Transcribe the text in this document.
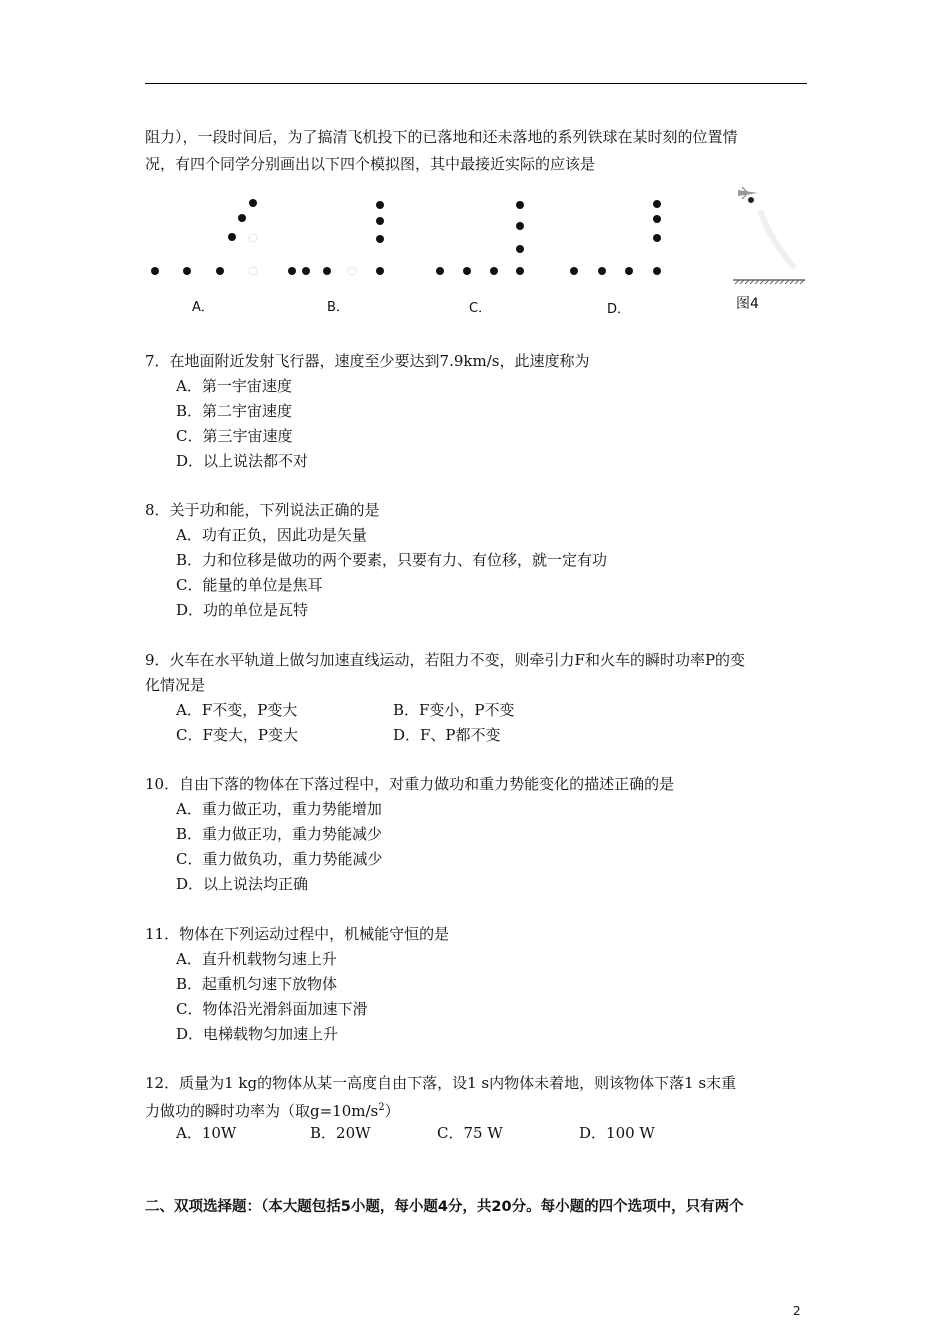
阻力），一段时间后，为了搞清飞机投下的已落地和还未落地的系列铁球在某时刻的位置情
况，有四个同学分别画出以下四个模拟图，其中最接近实际的应该是
A．	B．	C．	D．	图4
7．在地面附近发射飞行器，速度至少要达到7.9km/s，此速度称为
A．第一宇宙速度
B．第二宇宙速度
C．第三宇宙速度
D．以上说法都不对
8．关于功和能，下列说法正确的是
A．功有正负，因此功是矢量
B．力和位移是做功的两个要素，只要有力、有位移，就一定有功
C．能量的单位是焦耳
D．功的单位是瓦特
9．火车在水平轨道上做匀加速直线运动，若阻力不变，则牵引力F和火车的瞬时功率P的变
化情况是
A．F不变，P变大	B．F变小，P不变
C．F变大，P变大	D．F、P都不变
10．自由下落的物体在下落过程中，对重力做功和重力势能变化的描述正确的是
A．重力做正功，重力势能增加
B．重力做正功，重力势能减少
C．重力做负功，重力势能减少
D．以上说法均正确
11．物体在下列运动过程中，机械能守恒的是
A．直升机载物匀速上升
B．起重机匀速下放物体
C．物体沿光滑斜面加速下滑
D．电梯载物匀加速上升
12．质量为1 kg的物体从某一高度自由下落，设1 s内物体未着地，则该物体下落1 s末重
力做功的瞬时功率为（取$g=10m/s^2$）
A．10W	B．20W	C．75 W	D．100 W
二、双项选择题：（本大题包括5小题，每小题4分，共20分。每小题的四个选项中，只有两个
2
